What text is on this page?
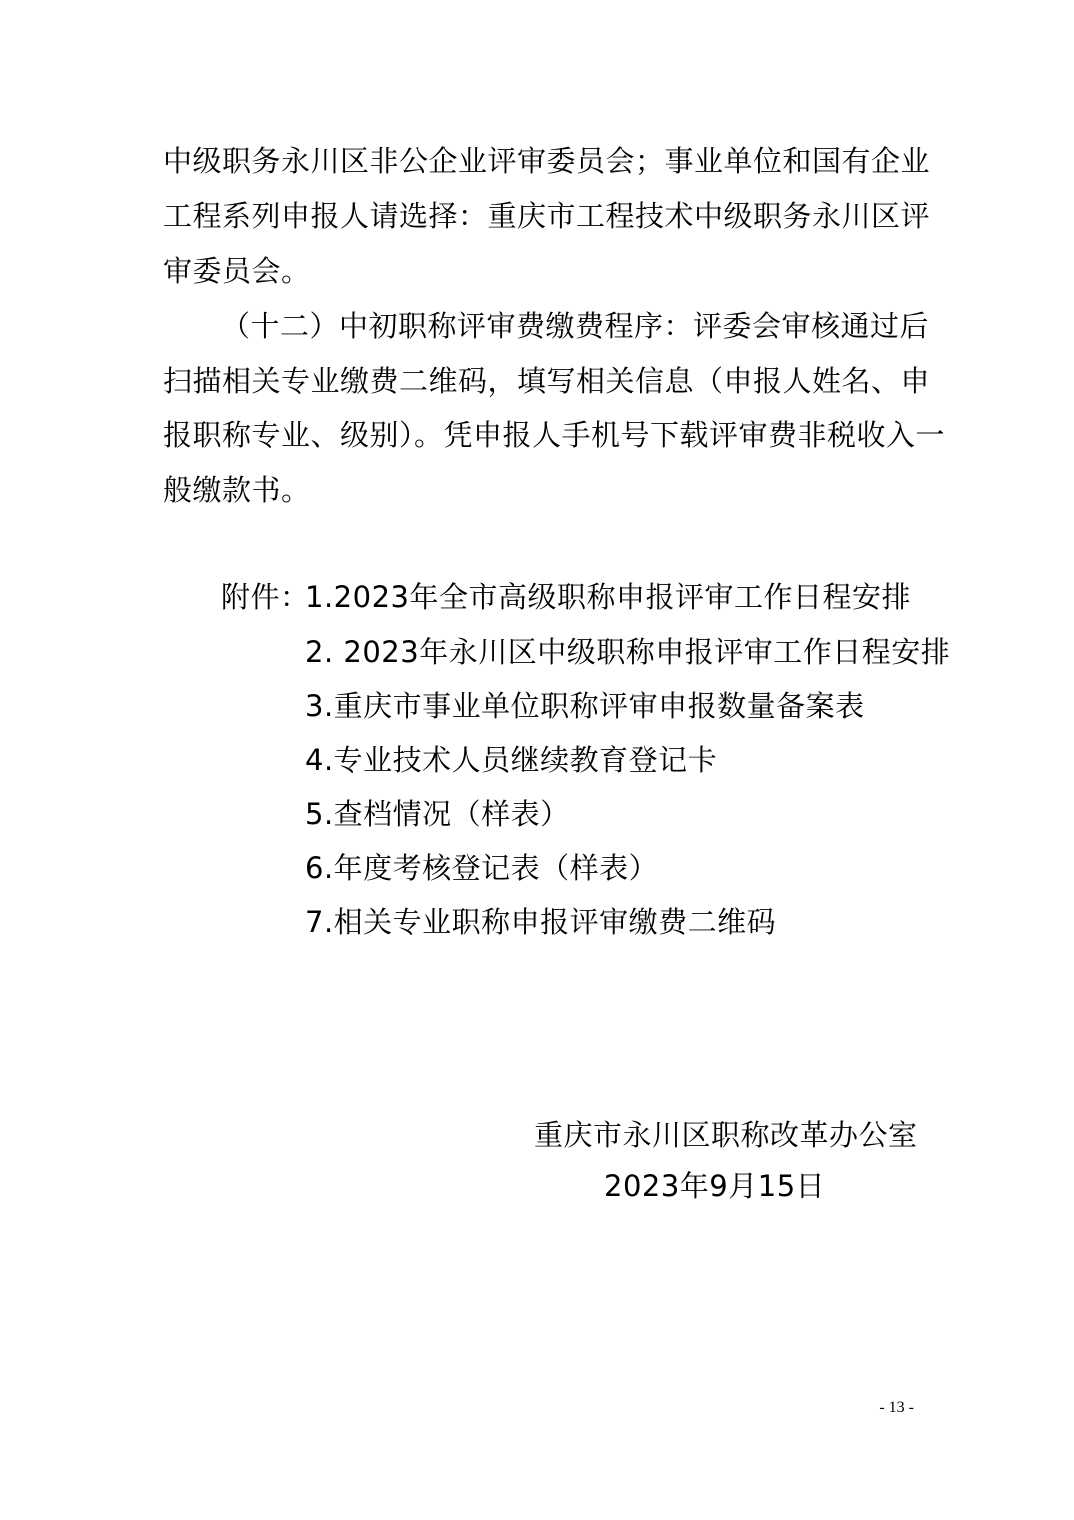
中级职务永川区非公企业评审委员会；事业单位和国有企业
工程系列申报人请选择：重庆市工程技术中级职务永川区评
审委员会。
（十二）中初职称评审费缴费程序：评委会审核通过后
扫描相关专业缴费二维码，填写相关信息（申报人姓名、申
报职称专业、级别）。凭申报人手机号下载评审费非税收入一
般缴款书。
附件：
1.2023年全市高级职称申报评审工作日程安排
2. 2023年永川区中级职称申报评审工作日程安排
3.重庆市事业单位职称评审申报数量备案表
4.专业技术人员继续教育登记卡
5.查档情况（样表）
6.年度考核登记表（样表）
7.相关专业职称申报评审缴费二维码
重庆市永川区职称改革办公室
2023年9月15日
- 13 -
